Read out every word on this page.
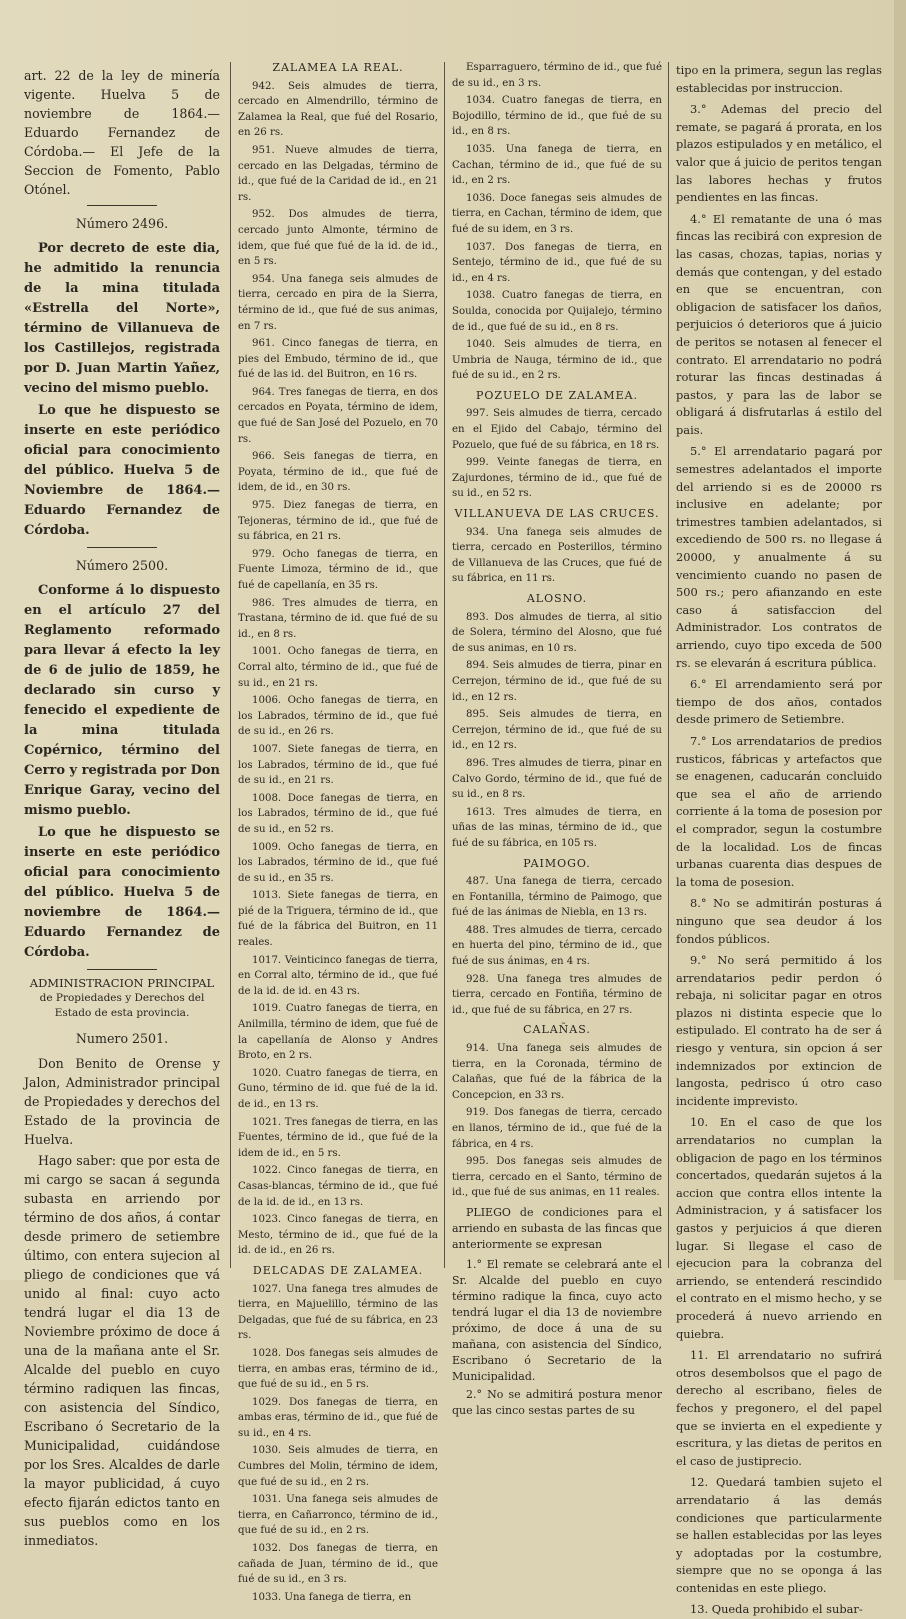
art. 22 de la ley de minería vigente. Huelva 5 de noviembre de 1864.— Eduardo Fernandez de Córdoba.— El Jefe de la Seccion de Fomento, Pablo Otónel.

Número 2496.

Por decreto de este dia, he admitido la renuncia de la mina titulada «Estrella del Norte», término de Villanueva de los Castillejos, registrada por D. Juan Martin Yañez, vecino del mismo pueblo.

Lo que he dispuesto se inserte en este periódico oficial para conocimiento del público. Huelva 5 de Noviembre de 1864.—Eduardo Fernandez de Córdoba.

Número 2500.

Conforme á lo dispuesto en el artículo 27 del Reglamento reformado para llevar á efecto la ley de 6 de julio de 1859, he declarado sin curso y fenecido el expediente de la mina titulada Copérnico, término del Cerro y registrada por Don Enrique Garay, vecino del mismo pueblo.

Lo que he dispuesto se inserte en este periódico oficial para conocimiento del público. Huelva 5 de noviembre de 1864.—Eduardo Fernandez de Córdoba.

ADMINISTRACION PRINCIPAL
de Propiedades y Derechos del
Estado de esta provincia.
Numero 2501.

Don Benito de Orense y Jalon, Administrador principal de Propiedades y derechos del Estado de la provincia de Huelva.

Hago saber: que por esta de mi cargo se sacan á segunda subasta en arriendo por término de dos años, á contar desde primero de setiembre último, con entera sujecion al pliego de condiciones que vá unido al final: cuyo acto tendrá lugar el dia 13 de Noviembre próximo de doce á una de la mañana ante el Sr. Alcalde del pueblo en cuyo término radiquen las fincas, con asistencia del Síndico, Escribano ó Secretario de la Municipalidad, cuidándose por los Sres. Alcaldes de darle la mayor publicidad, á cuyo efecto fijarán edictos tanto en sus pueblos como en los inmediatos.

ZALAMEA LA REAL.

942. Seis almudes de tierra, cercado en Almendrillo, término de Zalamea la Real, que fué del Rosario, en 26 rs.

951. Nueve almudes de tierra, cercado en las Delgadas, término de id., que fué de la Caridad de id., en 21 rs.

952. Dos almudes de tierra, cercado junto Almonte, término de idem, que fué que fué de la id. de id., en 5 rs.

954. Una fanega seis almudes de tierra, cercado en pira de la Sierra, término de id., que fué de sus animas, en 7 rs.

961. Cinco fanegas de tierra, en pies del Embudo, término de id., que fué de las id. del Buitron, en 16 rs.

964. Tres fanegas de tierra, en dos cercados en Poyata, término de idem, que fué de San José del Pozuelo, en 70 rs.

966. Seis fanegas de tierra, en Poyata, término de id., que fué de idem, de id., en 30 rs.

975. Diez fanegas de tierra, en Tejoneras, término de id., que fué de su fábrica, en 21 rs.

979. Ocho fanegas de tierra, en Fuente Limoza, término de id., que fué de capellanía, en 35 rs.

986. Tres almudes de tierra, en Trastana, término de id. que fué de su id., en 8 rs.

1001. Ocho fanegas de tierra, en Corral alto, término de id., que fué de su id., en 21 rs.

1006. Ocho fanegas de tierra, en los Labrados, término de id., que fué de su id., en 26 rs.

1007. Siete fanegas de tierra, en los Labrados, término de id., que fué de su id., en 21 rs.

1008. Doce fanegas de tierra, en los Labrados, término de id., que fué de su id., en 52 rs.

1009. Ocho fanegas de tierra, en los Labrados, término de id., que fué de su id., en 35 rs.

1013. Siete fanegas de tierra, en pié de la Triguera, término de id., que fué de la fábrica del Buitron, en 11 reales.

1017. Veinticinco fanegas de tierra, en Corral alto, término de id., que fué de la id. de id. en 43 rs.

1019. Cuatro fanegas de tierra, en Anilmilla, término de idem, que fué de la capellanía de Alonso y Andres Broto, en 2 rs.

1020. Cuatro fanegas de tierra, en Guno, término de id. que fué de la id. de id., en 13 rs.

1021. Tres fanegas de tierra, en las Fuentes, término de id., que fué de la idem de id., en 5 rs.

1022. Cinco fanegas de tierra, en Casas-blancas, término de id., que fué de la id. de id., en 13 rs.

1023. Cinco fanegas de tierra, en Mesto, término de id., que fué de la id. de id., en 26 rs.

DELCADAS DE ZALAMEA.

1027. Una fanega tres almudes de tierra, en Majuelillo, término de las Delgadas, que fué de su fábrica, en 23 rs.

1028. Dos fanegas seis almudes de tierra, en ambas eras, término de id., que fué de su id., en 5 rs.

1029. Dos fanegas de tierra, en ambas eras, término de id., que fué de su id., en 4 rs.

1030. Seis almudes de tierra, en Cumbres del Molin, término de idem, que fué de su id., en 2 rs.

1031. Una fanega seis almudes de tierra, en Cañarronco, término de id., que fué de su id., en 2 rs.

1032. Dos fanegas de tierra, en cañada de Juan, término de id., que fué de su id., en 3 rs.

1033. Una fanega de tierra, en

Esparraguero, término de id., que fué de su id., en 3 rs.

1034. Cuatro fanegas de tierra, en Bojodillo, término de id., que fué de su id., en 8 rs.

1035. Una fanega de tierra, en Cachan, término de id., que fué de su id., en 2 rs.

1036. Doce fanegas seis almudes de tierra, en Cachan, término de idem, que fué de su idem, en 3 rs.

1037. Dos fanegas de tierra, en Sentejo, término de id., que fué de su id., en 4 rs.

1038. Cuatro fanegas de tierra, en Soulda, conocida por Quijalejo, término de id., que fué de su id., en 8 rs.

1040. Seis almudes de tierra, en Umbria de Nauga, término de id., que fué de su id., en 2 rs.

POZUELO DE ZALAMEA.

997. Seis almudes de tierra, cercado en el Ejido del Cabajo, término del Pozuelo, que fué de su fábrica, en 18 rs.

999. Veinte fanegas de tierra, en Zajurdones, término de id., que fué de su id., en 52 rs.

VILLANUEVA DE LAS CRUCES.

934. Una fanega seis almudes de tierra, cercado en Posterillos, término de Villanueva de las Cruces, que fué de su fábrica, en 11 rs.

ALOSNO.

893. Dos almudes de tierra, al sitio de Solera, término del Alosno, que fué de sus animas, en 10 rs.

894. Seis almudes de tierra, pinar en Cerrejon, término de id., que fué de su id., en 12 rs.

895. Seis almudes de tierra, en Cerrejon, término de id., que fué de su id., en 12 rs.

896. Tres almudes de tierra, pinar en Calvo Gordo, término de id., que fué de su id., en 8 rs.

1613. Tres almudes de tierra, en uñas de las minas, término de id., que fué de su fábrica, en 105 rs.

PAIMOGO.

487. Una fanega de tierra, cercado en Fontanilla, término de Paimogo, que fué de las ánimas de Niebla, en 13 rs.

488. Tres almudes de tierra, cercado en huerta del pino, término de id., que fué de sus ánimas, en 4 rs.

928. Una fanega tres almudes de tierra, cercado en Fontiña, término de id., que fué de su fábrica, en 27 rs.

CALAÑAS.

914. Una fanega seis almudes de tierra, en la Coronada, término de Calañas, que fué de la fábrica de la Concepcion, en 33 rs.

919. Dos fanegas de tierra, cercado en llanos, término de id., que fué de la fábrica, en 4 rs.

995. Dos fanegas seis almudes de tierra, cercado en el Santo, término de id., que fué de sus animas, en 11 reales.

PLIEGO de condiciones para el arriendo en subasta de las fincas que anteriormente se expresan

1.° El remate se celebrará ante el Sr. Alcalde del pueblo en cuyo término radique la finca, cuyo acto tendrá lugar el dia 13 de noviembre próximo, de doce á una de su mañana, con asistencia del Síndico, Escribano ó Secretario de la Municipalidad.

2.° No se admitirá postura menor que las cinco sestas partes de su

tipo en la primera, segun las reglas establecidas por instruccion.

3.° Ademas del precio del remate, se pagará á prorata, en los plazos estipulados y en metálico, el valor que á juicio de peritos tengan las labores hechas y frutos pendientes en las fincas.

4.° El rematante de una ó mas fincas las recibirá con expresion de las casas, chozas, tapias, norias y demás que contengan, y del estado en que se encuentran, con obligacion de satisfacer los daños, perjuicios ó deterioros que á juicio de peritos se notasen al fenecer el contrato. El arrendatario no podrá roturar las fincas destinadas á pastos, y para las de labor se obligará á disfrutarlas á estilo del pais.

5.° El arrendatario pagará por semestres adelantados el importe del arriendo si es de 20000 rs inclusive en adelante; por trimestres tambien adelantados, si excediendo de 500 rs. no llegase á 20000, y anualmente á su vencimiento cuando no pasen de 500 rs.; pero afianzando en este caso á satisfaccion del Administrador. Los contratos de arriendo, cuyo tipo exceda de 500 rs. se elevarán á escritura pública.

6.° El arrendamiento será por tiempo de dos años, contados desde primero de Setiembre.

7.° Los arrendatarios de predios rusticos, fábricas y artefactos que se enagenen, caducarán concluido que sea el año de arriendo corriente á la toma de posesion por el comprador, segun la costumbre de la localidad. Los de fincas urbanas cuarenta dias despues de la toma de posesion.

8.° No se admitirán posturas á ninguno que sea deudor á los fondos públicos.

9.° No será permitido á los arrendatarios pedir perdon ó rebaja, ni solicitar pagar en otros plazos ni distinta especie que lo estipulado. El contrato ha de ser á riesgo y ventura, sin opcion á ser indemnizados por extincion de langosta, pedrisco ú otro caso incidente imprevisto.

10. En el caso de que los arrendatarios no cumplan la obligacion de pago en los términos concertados, quedarán sujetos á la accion que contra ellos intente la Administracion, y á satisfacer los gastos y perjuicios á que dieren lugar. Si llegase el caso de ejecucion para la cobranza del arriendo, se entenderá rescindido el contrato en el mismo hecho, y se procederá á nuevo arriendo en quiebra.

11. El arrendatario no sufrirá otros desembolsos que el pago de derecho al escribano, fieles de fechos y pregonero, el del papel que se invierta en el expediente y escritura, y las dietas de peritos en el caso de justiprecio.

12. Quedará tambien sujeto el arrendatario á las demás condiciones que particularmente se hallen establecidas por las leyes y adoptadas por la costumbre, siempre que no se oponga á las contenidas en este pliego.

13. Queda prohibido el subar-
